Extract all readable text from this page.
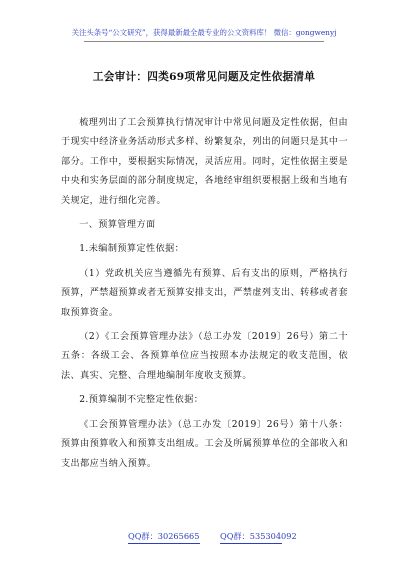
关注头条号“公文研究”，获得最新最全最专业的公文资料库！ 微信：gongwenyj
工会审计：四类69项常见问题及定性依据清单

梳理列出了工会预算执行情况审计中常见问题及定性依据，但由于现实中经济业务活动形式多样、纷繁复杂，列出的问题只是其中一部分。工作中，要根据实际情况，灵活应用。同时，定性依据主要是中央和实务层面的部分制度规定，各地经审组织要根据上级和当地有关规定，进行细化完善。

一、预算管理方面

1.未编制预算定性依据：

（1）党政机关应当遵循先有预算、后有支出的原则，严格执行预算，严禁超预算或者无预算安排支出，严禁虚列支出、转移或者套取预算资金。

（2）《工会预算管理办法》（总工办发〔2019〕26号）第二十五条：各级工会、各预算单位应当按照本办法规定的收支范围，依法、真实、完整、合理地编制年度收支预算。

2.预算编制不完整定性依据：

《工会预算管理办法》（总工办发〔2019〕26号）第十八条：预算由预算收入和预算支出组成。工会及所属预算单位的全部收入和支出都应当纳入预算。

QQ群：30265665	QQ群：535304092
